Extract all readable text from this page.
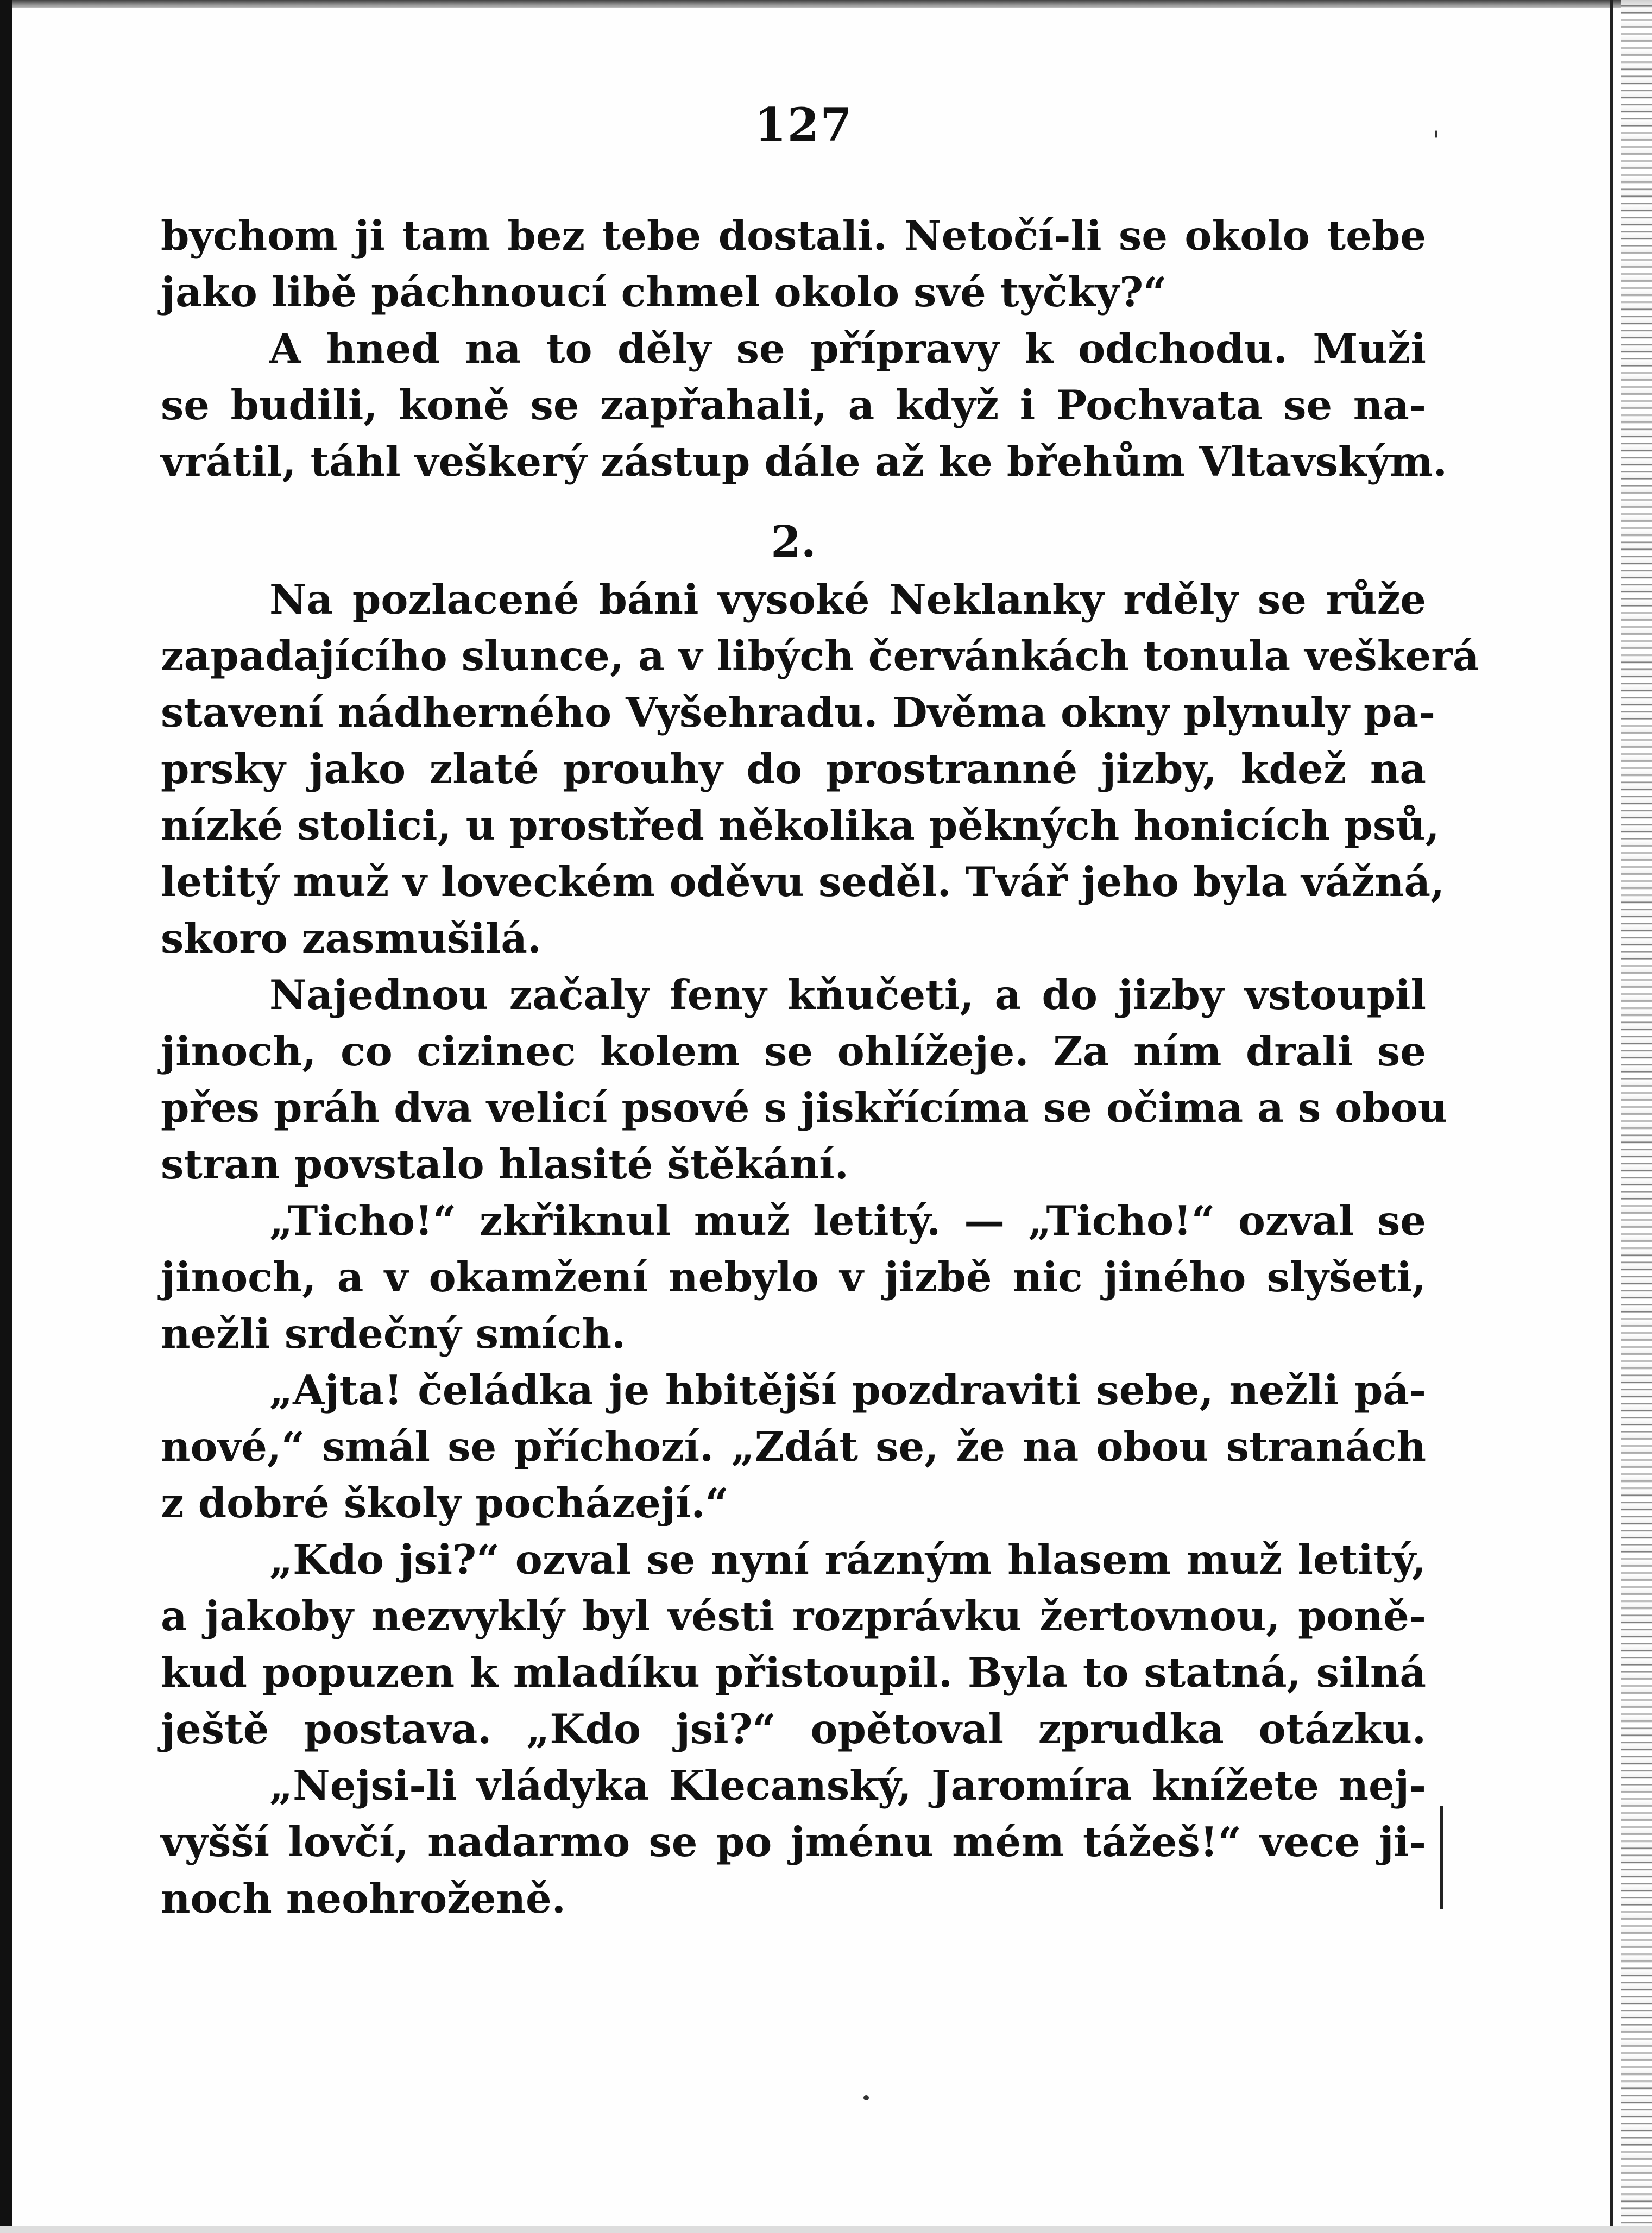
127
bychom ji tam bez tebe dostali. Netočí-li se okolo tebe
jako libě páchnoucí chmel okolo své tyčky?“
A hned na to děly se přípravy k odchodu. Muži
se budili, koně se zapřahali, a když i Pochvata se na-
vrátil, táhl veškerý zástup dále až ke břehům Vltavským.
2.
Na pozlacené báni vysoké Neklanky rděly se růže
zapadajícího slunce, a v libých červánkách tonula veškerá
stavení nádherného Vyšehradu. Dvěma okny plynuly pa-
prsky jako zlaté prouhy do prostranné jizby, kdež na
nízké stolici, u prostřed několika pěkných honicích psů,
letitý muž v loveckém oděvu seděl. Tvář jeho byla vážná,
skoro zasmušilá.
Najednou začaly feny kňučeti, a do jizby vstoupil
jinoch, co cizinec kolem se ohlížeje. Za ním drali se
přes práh dva velicí psové s jiskřícíma se očima a s obou
stran povstalo hlasité štěkání.
„Ticho!“ zkřiknul muž letitý. — „Ticho!“ ozval se
jinoch, a v okamžení nebylo v jizbě nic jiného slyšeti,
nežli srdečný smích.
„Ajta! čeládka je hbitější pozdraviti sebe, nežli pá-
nové,“ smál se příchozí. „Zdát se, že na obou stranách
z dobré školy pocházejí.“
„Kdo jsi?“ ozval se nyní rázným hlasem muž letitý,
a jakoby nezvyklý byl vésti rozprávku žertovnou, poně-
kud popuzen k mladíku přistoupil. Byla to statná, silná
ještě postava. „Kdo jsi?“ opětoval zprudka otázku.
„Nejsi-li vládyka Klecanský, Jaromíra knížete nej-
vyšší lovčí, nadarmo se po jménu mém tážeš!“ vece ji-
noch neohroženě.
